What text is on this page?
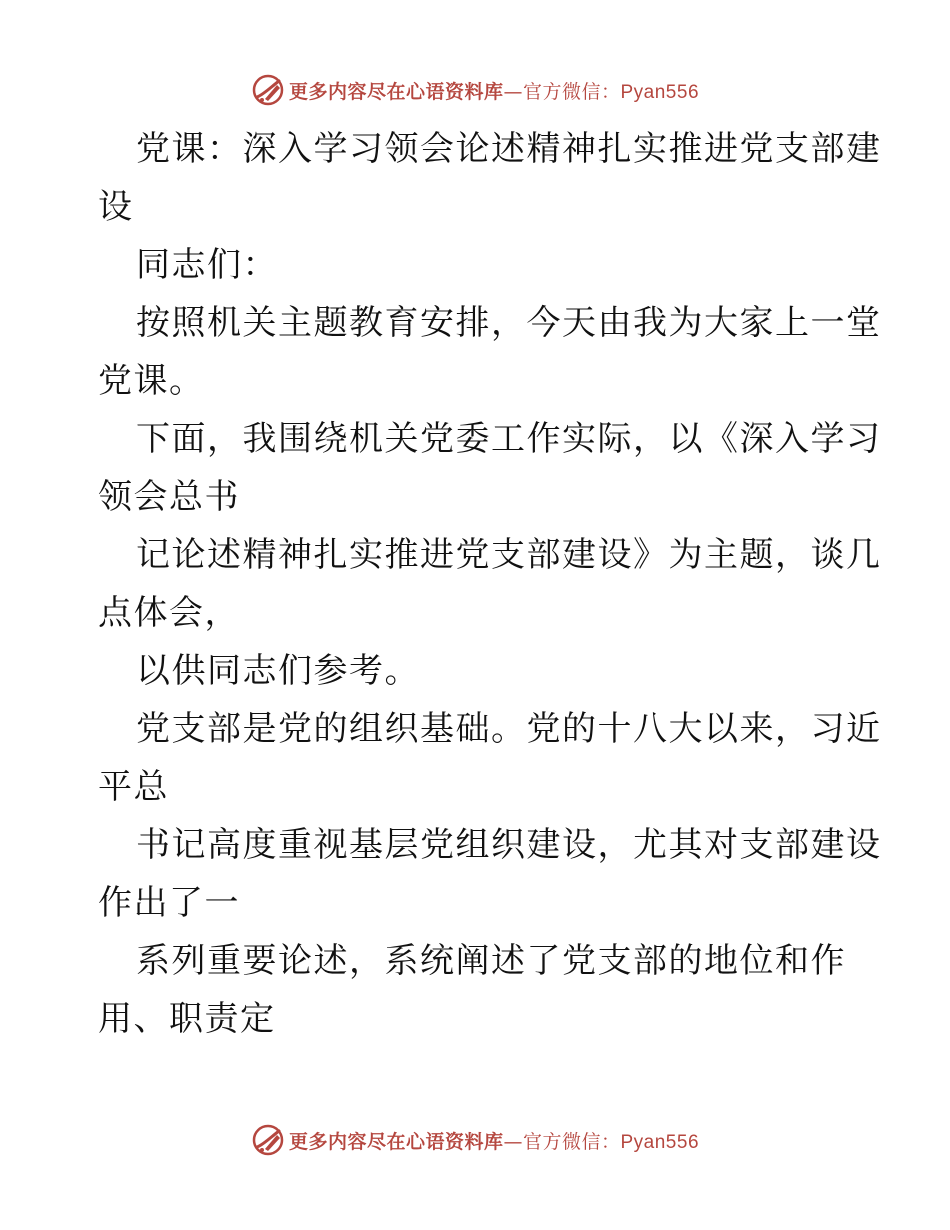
更多内容尽在心语资料库—官方微信：Pyan556

党课：深入学习领会论述精神扎实推进党支部建

设

同志们：

按照机关主题教育安排，今天由我为大家上一堂

党课。

下面，我围绕机关党委工作实际，以《深入学习

领会总书

记论述精神扎实推进党支部建设》为主题，谈几

点体会，

以供同志们参考。

党支部是党的组织基础。党的十八大以来，习近

平总

书记高度重视基层党组织建设，尤其对支部建设

作出了一

系列重要论述，系统阐述了党支部的地位和作

用、职责定

更多内容尽在心语资料库—官方微信：Pyan556
